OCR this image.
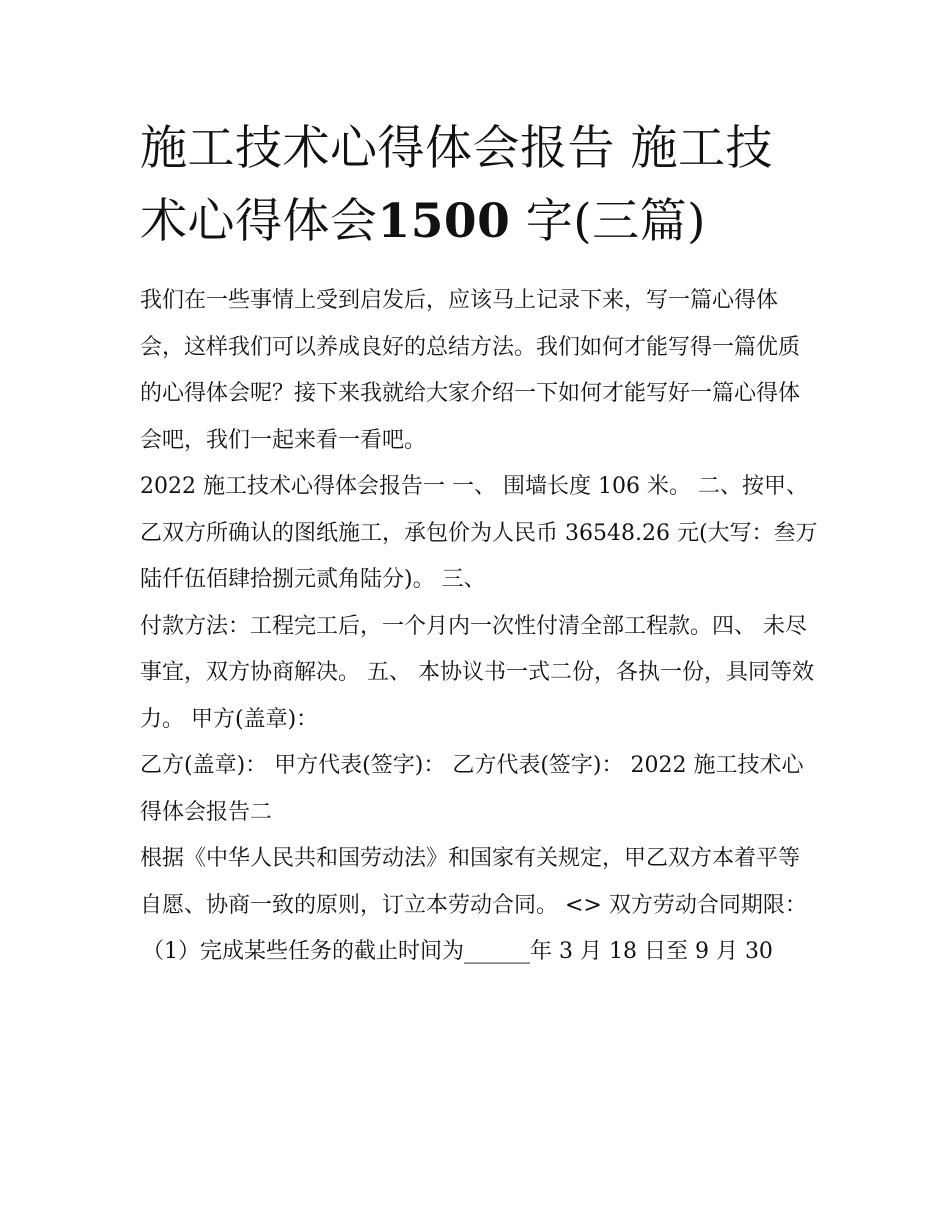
施工技术心得体会报告 施工技术心得体会1500 字(三篇)

我们在一些事情上受到启发后，应该马上记录下来，写一篇心得体会，这样我们可以养成良好的总结方法。我们如何才能写得一篇优质的心得体会呢？接下来我就给大家介绍一下如何才能写好一篇心得体会吧，我们一起来看一看吧。

2022 施工技术心得体会报告一 一、 围墙长度 106 米。 二、按甲、乙双方所确认的图纸施工，承包价为人民币 36548.26 元(大写：叁万陆仟伍佰肆拾捌元贰角陆分)。 三、

付款方法：工程完工后，一个月内一次性付清全部工程款。四、 未尽事宜，双方协商解决。 五、 本协议书一式二份，各执一份，具同等效力。 甲方(盖章)：

乙方(盖章)： 甲方代表(签字)： 乙方代表(签字)： 2022 施工技术心得体会报告二

根据《中华人民共和国劳动法》和国家有关规定，甲乙双方本着平等自愿、协商一致的原则，订立本劳动合同。 <> 双方劳动合同期限：

（1）完成某些任务的截止时间为______年 3 月 18 日至 9 月 30
